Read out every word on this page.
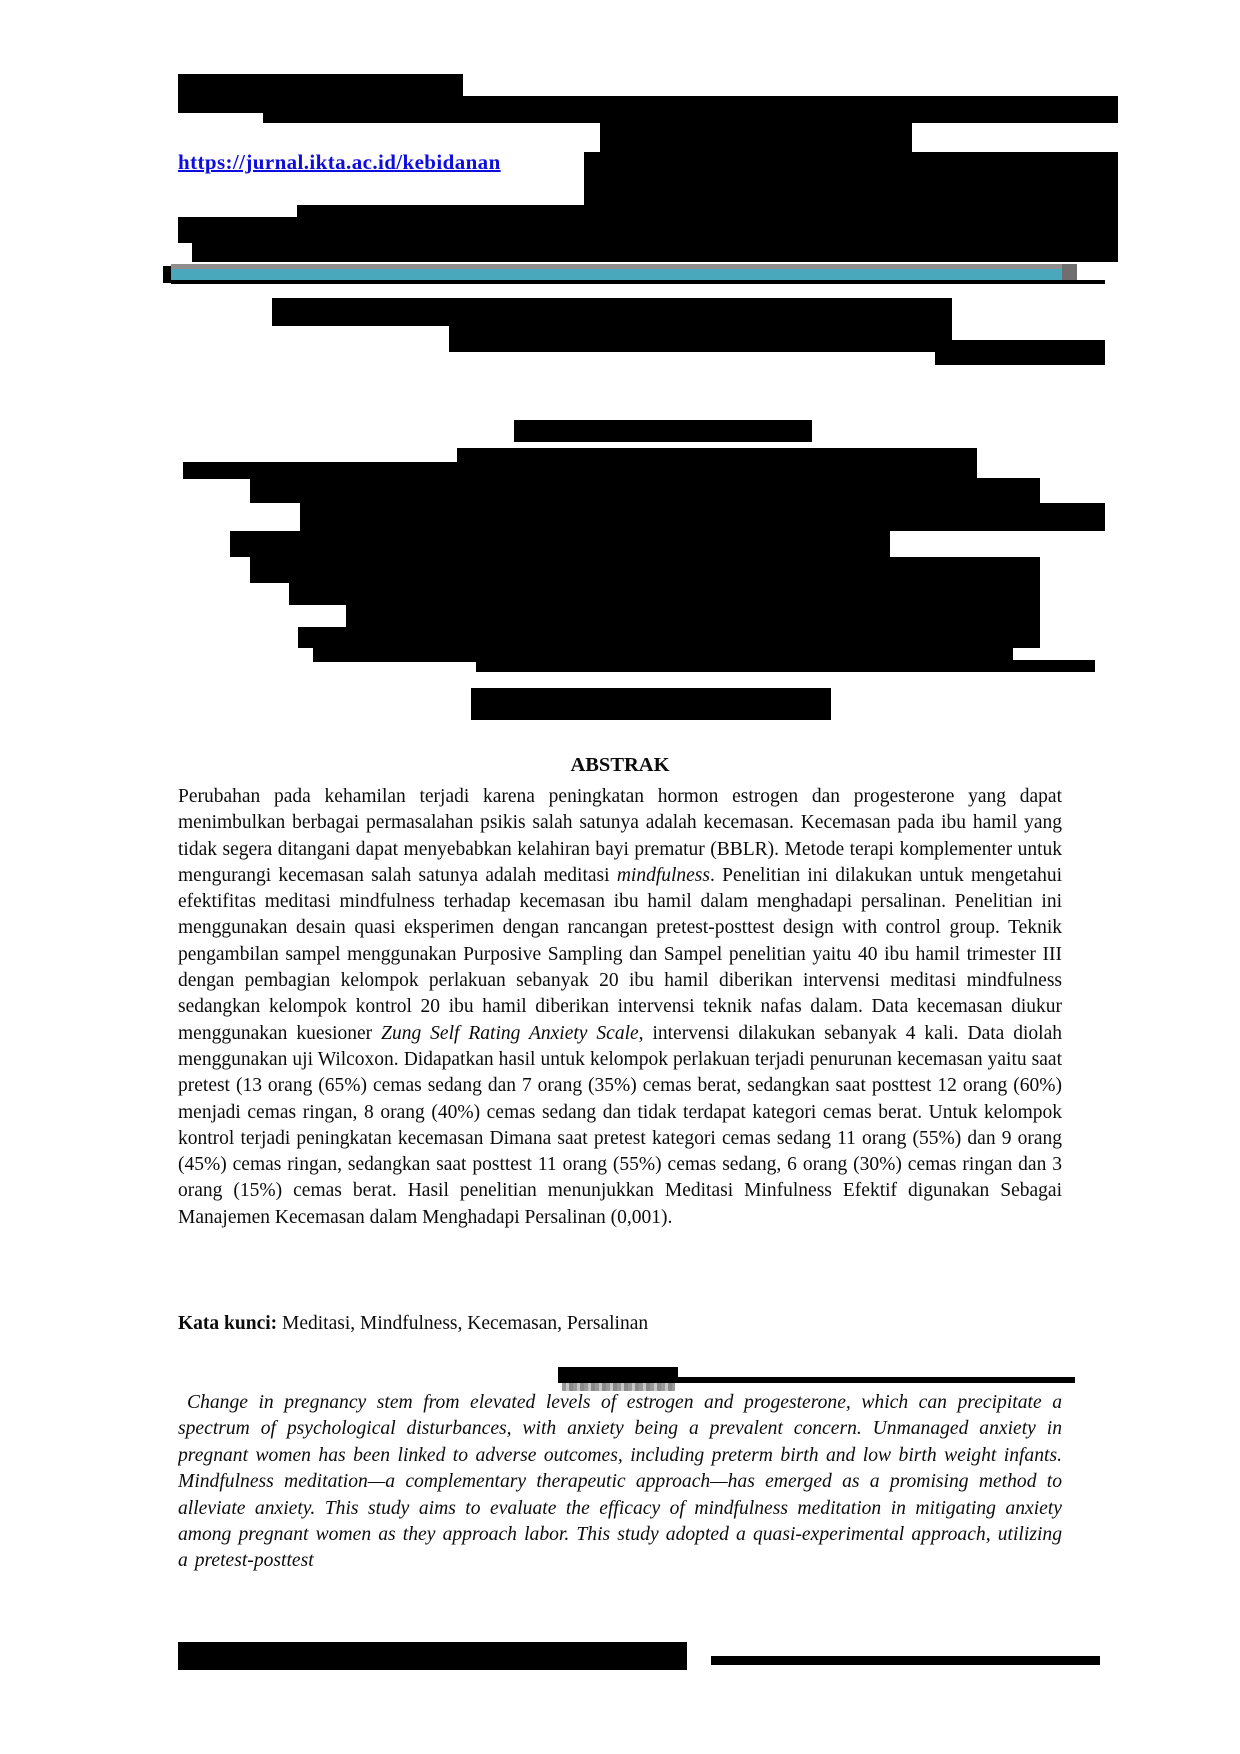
https://jurnal.ikta.ac.id/kebidanan
ABSTRAK

Perubahan pada kehamilan terjadi karena peningkatan hormon estrogen dan progesterone yang dapat menimbulkan berbagai permasalahan psikis salah satunya adalah kecemasan. Kecemasan pada ibu hamil yang tidak segera ditangani dapat menyebabkan kelahiran bayi prematur (BBLR). Metode terapi komplementer untuk mengurangi kecemasan salah satunya adalah meditasi mindfulness. Penelitian ini dilakukan untuk mengetahui efektifitas meditasi mindfulness terhadap kecemasan ibu hamil dalam menghadapi persalinan. Penelitian ini menggunakan desain quasi eksperimen dengan rancangan pretest-posttest design with control group. Teknik pengambilan sampel menggunakan Purposive Sampling dan Sampel penelitian yaitu 40 ibu hamil trimester III dengan pembagian kelompok perlakuan sebanyak 20 ibu hamil diberikan intervensi meditasi mindfulness sedangkan kelompok kontrol 20 ibu hamil diberikan intervensi teknik nafas dalam. Data kecemasan diukur menggunakan kuesioner Zung Self Rating Anxiety Scale, intervensi dilakukan sebanyak 4 kali. Data diolah menggunakan uji Wilcoxon. Didapatkan hasil untuk kelompok perlakuan terjadi penurunan kecemasan yaitu saat pretest (13 orang (65%) cemas sedang dan 7 orang (35%) cemas berat, sedangkan saat posttest 12 orang (60%) menjadi cemas ringan, 8 orang (40%) cemas sedang dan tidak terdapat kategori cemas berat. Untuk kelompok kontrol terjadi peningkatan kecemasan Dimana saat pretest kategori cemas sedang 11 orang (55%) dan 9 orang (45%) cemas ringan, sedangkan saat posttest 11 orang (55%) cemas sedang, 6 orang (30%) cemas ringan dan 3 orang (15%) cemas berat. Hasil penelitian menunjukkan Meditasi Minfulness Efektif digunakan Sebagai Manajemen Kecemasan dalam Menghadapi Persalinan (0,001).

Kata kunci: Meditasi, Mindfulness, Kecemasan, Persalinan

Change in pregnancy stem from elevated levels of estrogen and progesterone, which can precipitate a spectrum of psychological disturbances, with anxiety being a prevalent concern. Unmanaged anxiety in pregnant women has been linked to adverse outcomes, including preterm birth and low birth weight infants. Mindfulness meditation—a complementary therapeutic approach—has emerged as a promising method to alleviate anxiety. This study aims to evaluate the efficacy of mindfulness meditation in mitigating anxiety among pregnant women as they approach labor. This study adopted a quasi-experimental approach, utilizing a pretest-posttest
